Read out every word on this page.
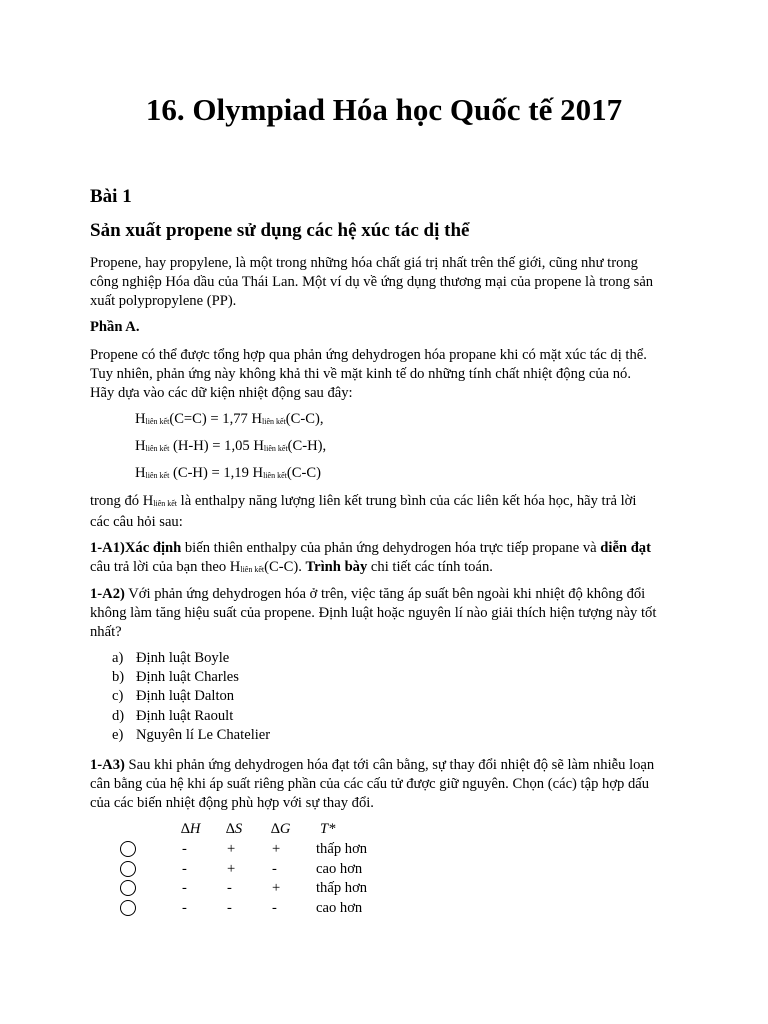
16. Olympiad Hóa học Quốc tế 2017
Bài 1
Sản xuất propene sử dụng các hệ xúc tác dị thể
Propene, hay propylene, là một trong những hóa chất giá trị nhất trên thế giới, cũng như trong
công nghiệp Hóa dầu của Thái Lan. Một ví dụ về ứng dụng thương mại của propene là trong sản
xuất polypropylene (PP).
Phần A.
Propene có thể được tổng hợp qua phản ứng dehydrogen hóa propane khi có mặt xúc tác dị thể.
Tuy nhiên, phản ứng này không khả thi về mặt kinh tế do những tính chất nhiệt động của nó.
Hãy dựa vào các dữ kiện nhiệt động sau đây:
$H_{liên kết}(C=C) = 1,77$ $H_{liên kết}(C-C)$,
$H_{liên kết}$ (H-H) = 1,05 $H_{liên kết}(C-H)$,
$H_{liên kết}$ (C-H) = 1,19 $H_{liên kết}(C-C)$
trong đó $H_{liên kết}$ là enthalpy năng lượng liên kết trung bình của các liên kết hóa học, hãy trả lời
các câu hỏi sau:
1-A1)Xác định biến thiên enthalpy của phản ứng dehydrogen hóa trực tiếp propane và diễn đạt
câu trả lời của bạn theo $H_{liên kết}(C-C)$. Trình bày chi tiết các tính toán.
1-A2) Với phản ứng dehydrogen hóa ở trên, việc tăng áp suất bên ngoài khi nhiệt độ không đổi
không làm tăng hiệu suất của propene. Định luật hoặc nguyên lí nào giải thích hiện tượng này tốt
nhất?
a) Định luật Boyle
b) Định luật Charles
c) Định luật Dalton
d) Định luật Raoult
e) Nguyên lí Le Chatelier
1-A3) Sau khi phản ứng dehydrogen hóa đạt tới cân bằng, sự thay đổi nhiệt độ sẽ làm nhiễu loạn
cân bằng của hệ khi áp suất riêng phần của các cấu tử được giữ nguyên. Chọn (các) tập hợp dấu
của các biến nhiệt động phù hợp với sự thay đổi.
∆H ∆S ∆G T*
-	+	+ thấp hơn
-	+	-	cao hơn
-	-	+ thấp hơn
-	-	-	cao hơn
